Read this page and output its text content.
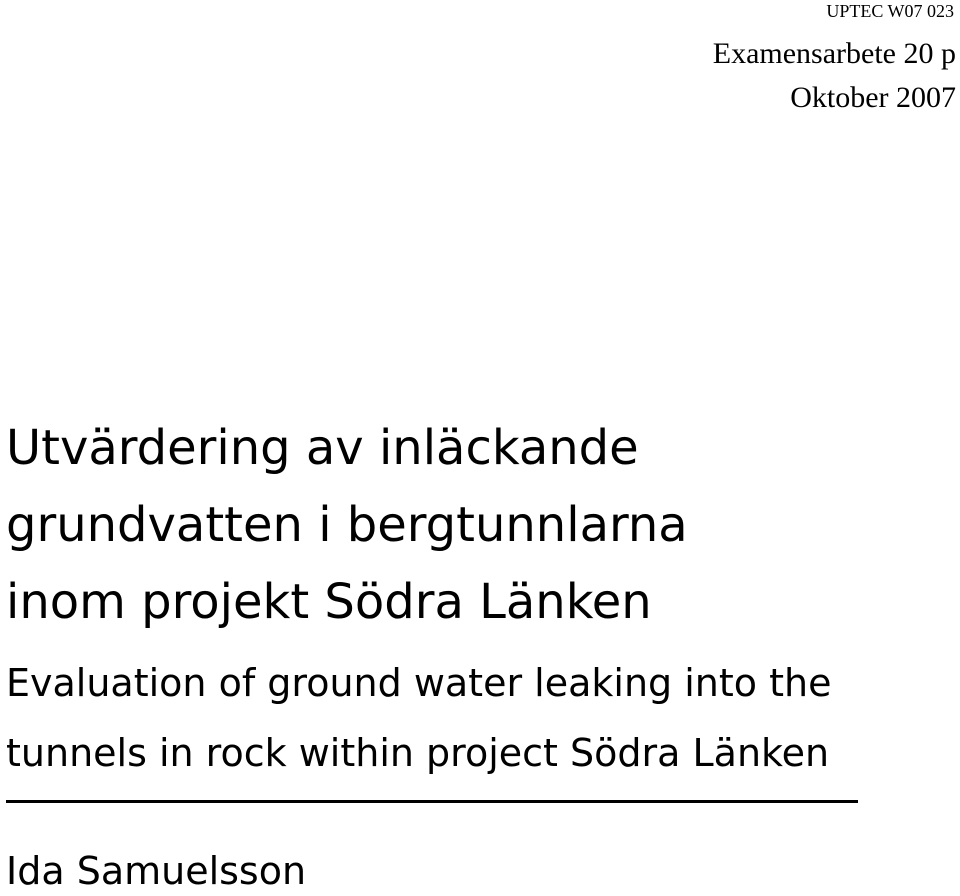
UPTEC W07 023
Examensarbete 20 p
Oktober 2007
Utvärdering av inläckande
grundvatten i bergtunnlarna
inom projekt Södra Länken
Evaluation of ground water leaking into the
tunnels in rock within project Södra Länken
Ida Samuelsson
